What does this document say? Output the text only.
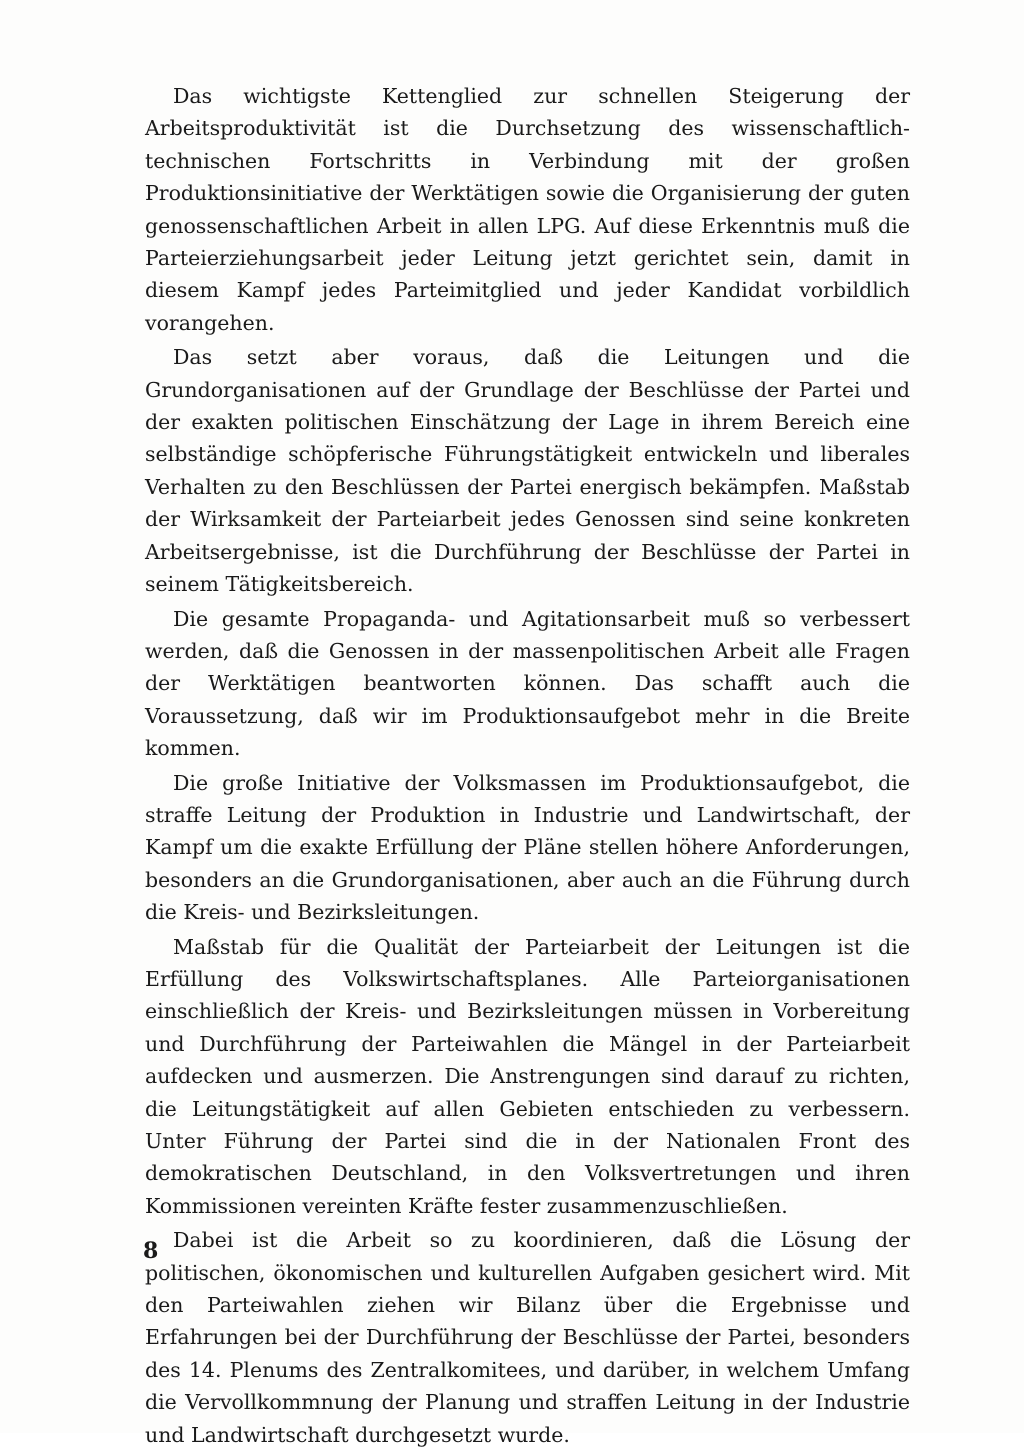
Das wichtigste Kettenglied zur schnellen Steigerung der Arbeitsproduktivität ist die Durchsetzung des wissenschaftlich-technischen Fortschritts in Verbindung mit der großen Produktionsinitiative der Werktätigen sowie die Organisierung der guten genossenschaftlichen Arbeit in allen LPG. Auf diese Erkenntnis muß die Parteierziehungsarbeit jeder Leitung jetzt gerichtet sein, damit in diesem Kampf jedes Parteimitglied und jeder Kandidat vorbildlich vorangehen.

Das setzt aber voraus, daß die Leitungen und die Grundorganisationen auf der Grundlage der Beschlüsse der Partei und der exakten politischen Einschätzung der Lage in ihrem Bereich eine selbständige schöpferische Führungstätigkeit entwickeln und liberales Verhalten zu den Beschlüssen der Partei energisch bekämpfen. Maßstab der Wirksamkeit der Parteiarbeit jedes Genossen sind seine konkreten Arbeitsergebnisse, ist die Durchführung der Beschlüsse der Partei in seinem Tätigkeitsbereich.

Die gesamte Propaganda- und Agitationsarbeit muß so verbessert werden, daß die Genossen in der massenpolitischen Arbeit alle Fragen der Werktätigen beantworten können. Das schafft auch die Voraussetzung, daß wir im Produktionsaufgebot mehr in die Breite kommen.

Die große Initiative der Volksmassen im Produktionsaufgebot, die straffe Leitung der Produktion in Industrie und Landwirtschaft, der Kampf um die exakte Erfüllung der Pläne stellen höhere Anforderungen, besonders an die Grundorganisationen, aber auch an die Führung durch die Kreis- und Bezirksleitungen.

Maßstab für die Qualität der Parteiarbeit der Leitungen ist die Erfüllung des Volkswirtschaftsplanes. Alle Parteiorganisationen einschließlich der Kreis- und Bezirksleitungen müssen in Vorbereitung und Durchführung der Parteiwahlen die Mängel in der Parteiarbeit aufdecken und ausmerzen. Die Anstrengungen sind darauf zu richten, die Leitungstätigkeit auf allen Gebieten entschieden zu verbessern. Unter Führung der Partei sind die in der Nationalen Front des demokratischen Deutschland, in den Volksvertretungen und ihren Kommissionen vereinten Kräfte fester zusammenzuschließen.

Dabei ist die Arbeit so zu koordinieren, daß die Lösung der politischen, ökonomischen und kulturellen Aufgaben gesichert wird. Mit den Parteiwahlen ziehen wir Bilanz über die Ergebnisse und Erfahrungen bei der Durchführung der Beschlüsse der Partei, besonders des 14. Plenums des Zentralkomitees, und darüber, in welchem Umfang die Vervollkommnung der Planung und straffen Leitung in der Industrie und Landwirtschaft durchgesetzt wurde.

8
